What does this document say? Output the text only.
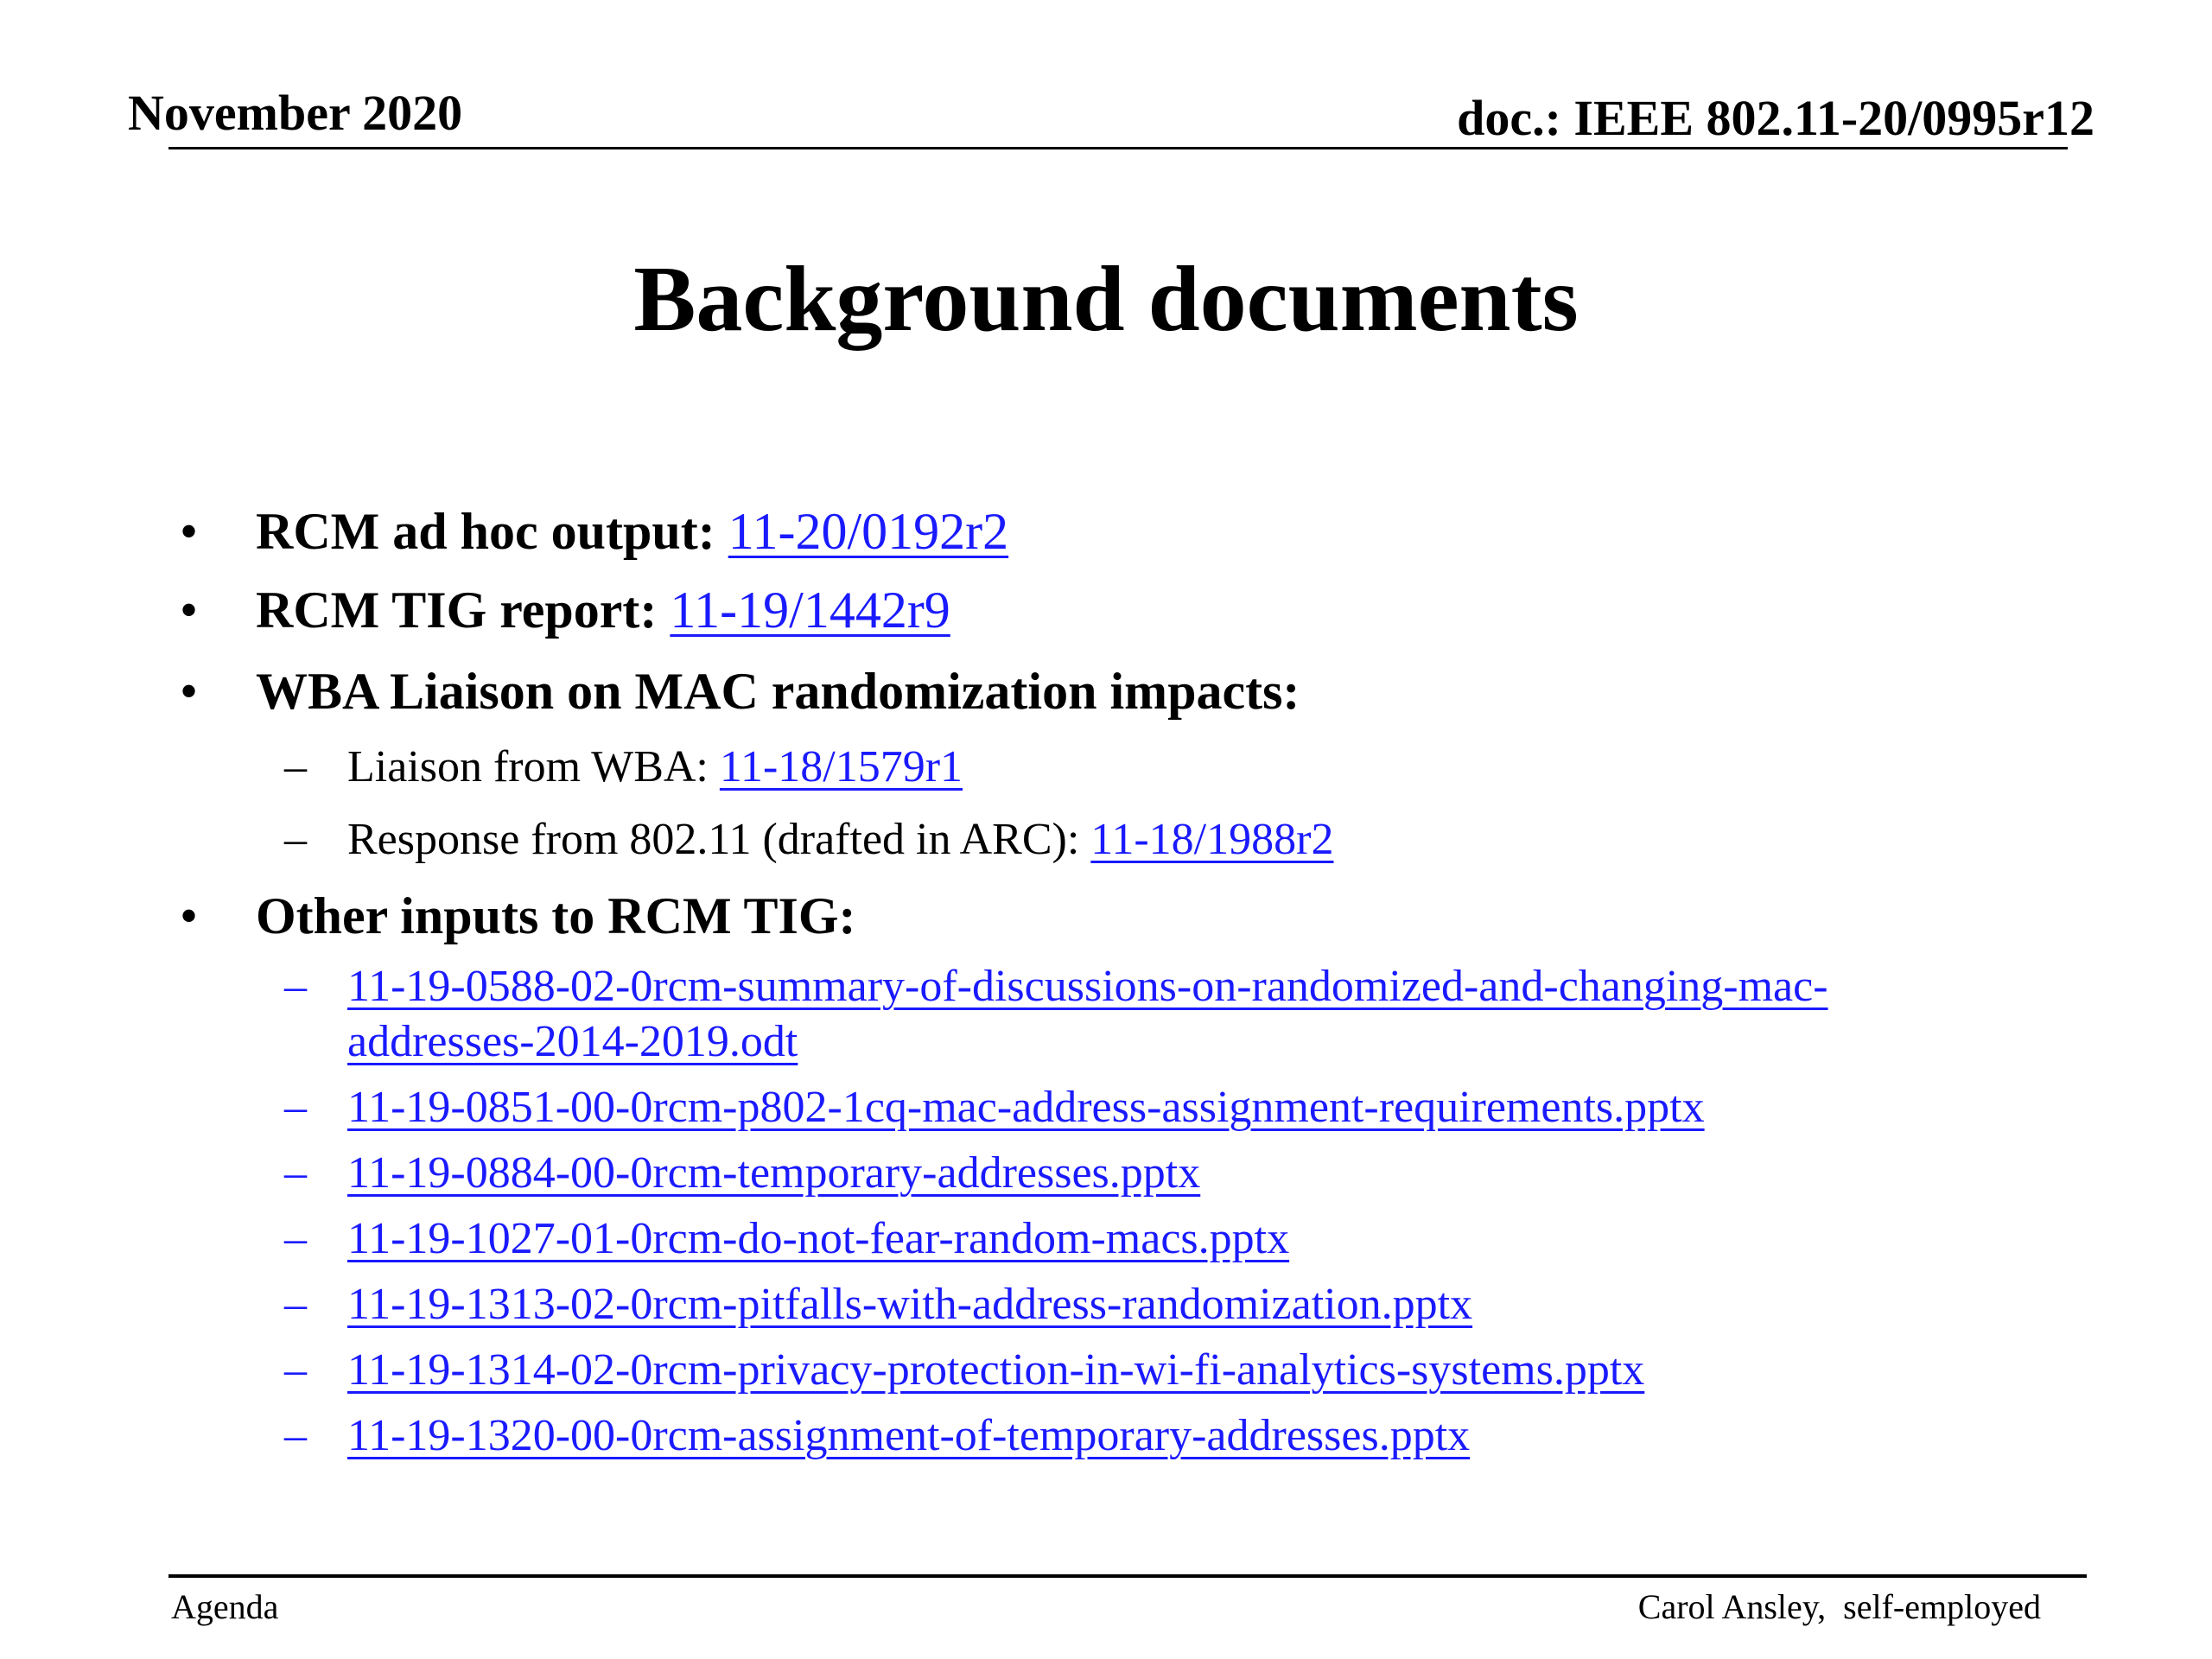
November 2020	doc.: IEEE 802.11-20/0995r12
Background documents
• RCM ad hoc output: 11-20/0192r2
• RCM TIG report: 11-19/1442r9
• WBA Liaison on MAC randomization impacts:
– Liaison from WBA: 11-18/1579r1
– Response from 802.11 (drafted in ARC): 11-18/1988r2
• Other inputs to RCM TIG:
– 11-19-0588-02-0rcm-summary-of-discussions-on-randomized-and-changing-mac-
addresses-2014-2019.odt
– 11-19-0851-00-0rcm-p802-1cq-mac-address-assignment-requirements.pptx
– 11-19-0884-00-0rcm-temporary-addresses.pptx
– 11-19-1027-01-0rcm-do-not-fear-random-macs.pptx
– 11-19-1313-02-0rcm-pitfalls-with-address-randomization.pptx
– 11-19-1314-02-0rcm-privacy-protection-in-wi-fi-analytics-systems.pptx
– 11-19-1320-00-0rcm-assignment-of-temporary-addresses.pptx
Agenda	Carol Ansley,  self-employed
